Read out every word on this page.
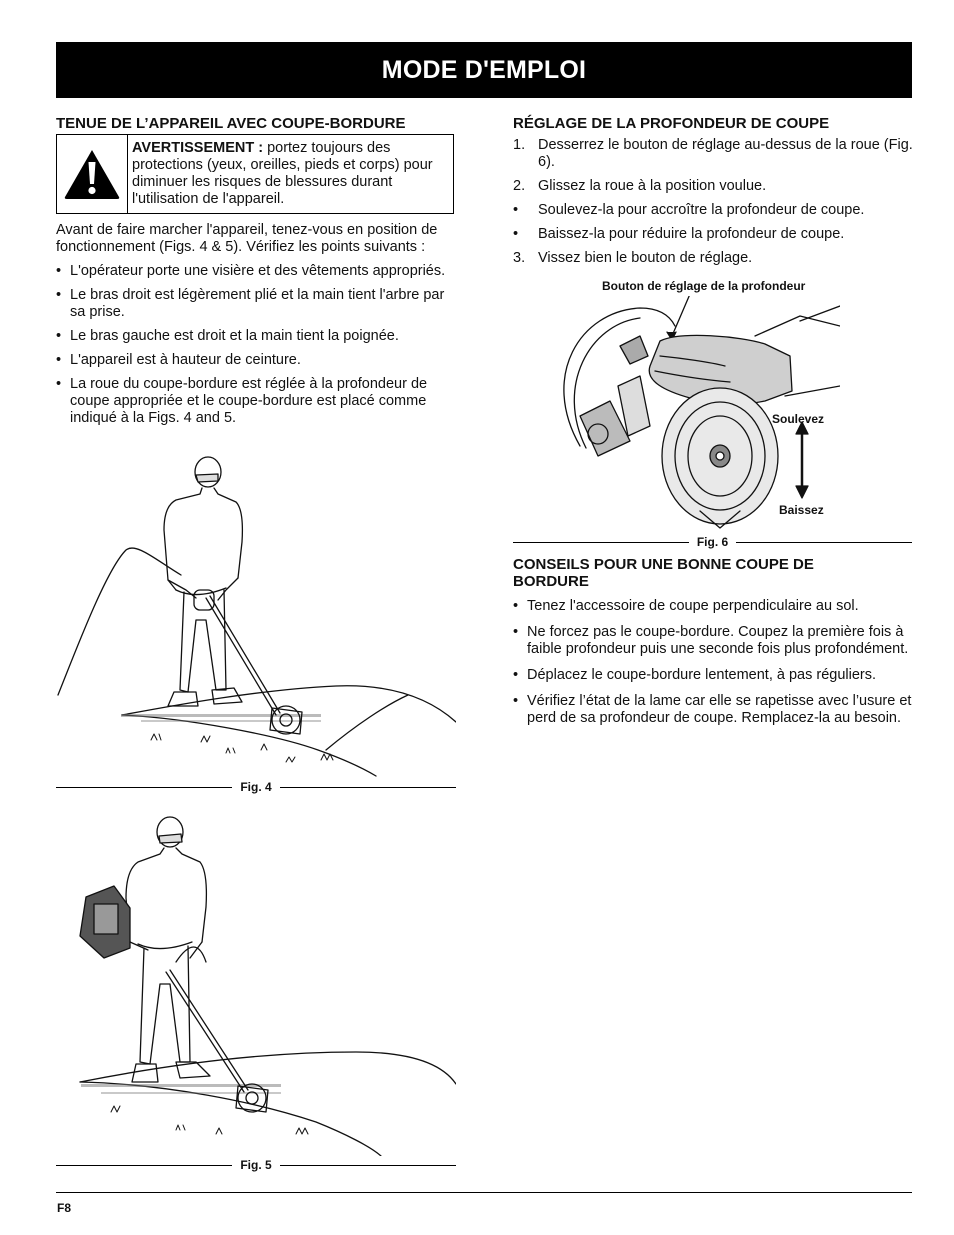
MODE D'EMPLOI
TENUE DE L’APPAREIL AVEC COUPE-BORDURE
AVERTISSEMENT : portez toujours des protections (yeux, oreilles, pieds et corps) pour diminuer les risques de blessures durant l'utilisation de l'appareil.

Avant de faire marcher l'appareil, tenez-vous en position de fonctionnement (Figs. 4 & 5). Vérifiez les points suivants :

• L'opérateur porte une visière et des vêtements appropriés.
• Le bras droit est légèrement plié et la main tient l'arbre par sa prise.
• Le bras gauche est droit et la main tient la poignée.
• L'appareil est à hauteur de ceinture.
• La roue du coupe-bordure est réglée à la profondeur de coupe appropriée et le coupe-bordure est placé comme indiqué à la Figs. 4 and 5.
Fig. 4
Fig. 5
RÉGLAGE DE LA PROFONDEUR DE COUPE
1. Desserrez le bouton de réglage au-dessus de la roue (Fig. 6).
2. Glissez la roue à la position voulue.
• Soulevez-la pour accroître la profondeur de coupe.
• Baissez-la pour réduire la profondeur de coupe.
3. Vissez bien le bouton de réglage.
Bouton de réglage de la profondeur
Soulevez
Baissez
Fig. 6
CONSEILS POUR UNE BONNE COUPE DE BORDURE
• Tenez l'accessoire de coupe perpendiculaire au sol.
• Ne forcez pas le coupe-bordure. Coupez la première fois à faible profondeur puis une seconde fois plus profondément.
• Déplacez le coupe-bordure lentement, à pas réguliers.
• Vérifiez l’état de la lame car elle se rapetisse avec l’usure et perd de sa profondeur de coupe. Remplacez-la au besoin.
F8
